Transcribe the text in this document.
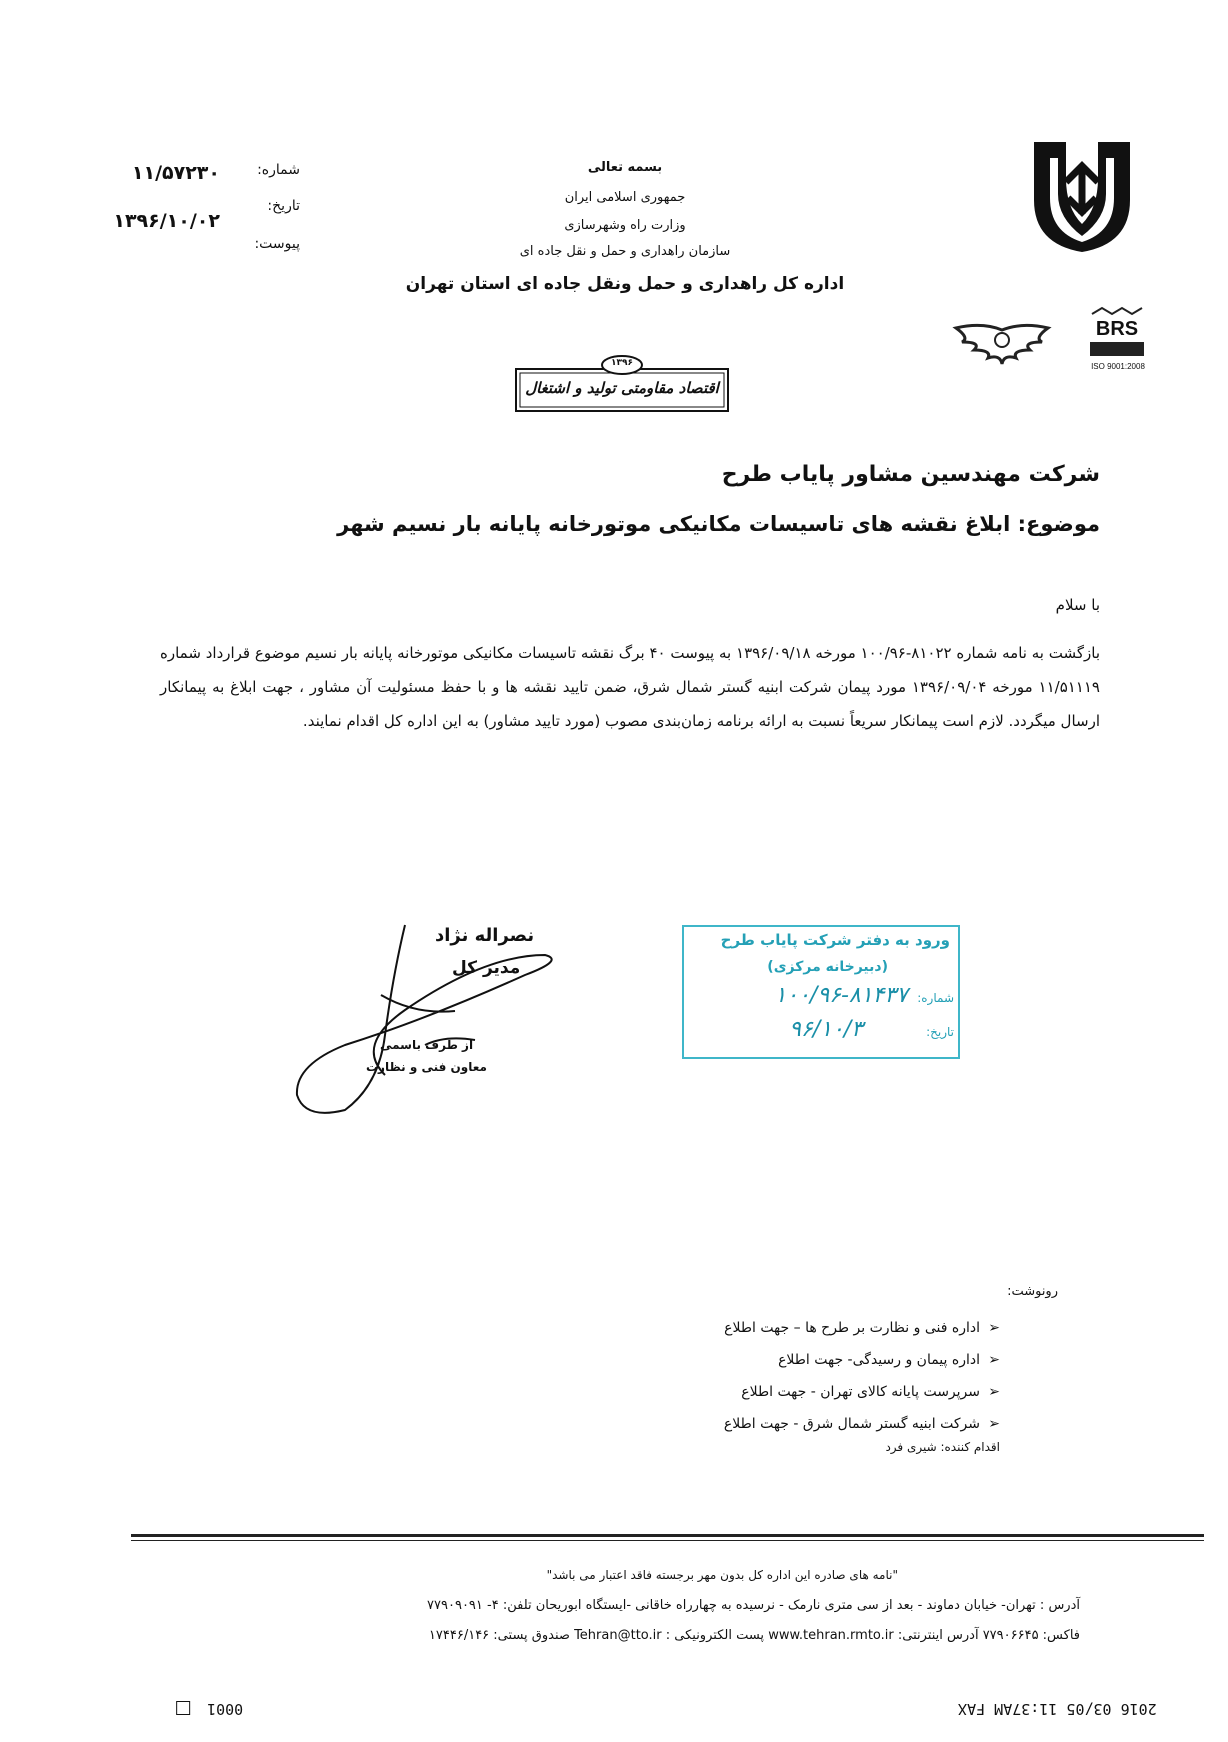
بسمه تعالی
جمهوری اسلامی ایران
وزارت راه وشهرسازی
سازمان راهداری و حمل و نقل جاده ای
اداره کل راهداری و حمل ونقل جاده ای استان تهران
شماره:
۱۱/۵۷۲۳۰
تاریخ:
۱۳۹۶/۱۰/۰۲
پیوست:
۱۳۹۶
اقتصاد مقاومتی تولید و اشتغال
BRS
ISO 9001:2008
شرکت مهندسین مشاور پایاب طرح
موضوع: ابلاغ نقشه های تاسیسات مکانیکی موتورخانه پایانه بار نسیم شهر
با سلام

بازگشت به نامه شماره ۸۱۰۲۲-۱۰۰/۹۶ مورخه ۱۳۹۶/۰۹/۱۸ به پیوست ۴۰ برگ نقشه تاسیسات مکانیکی موتورخانه پایانه بار نسیم موضوع قرارداد شماره ۱۱/۵۱۱۱۹ مورخه ۱۳۹۶/۰۹/۰۴ مورد پیمان شرکت ابنیه گستر شمال شرق، ضمن تایید نقشه ها و با حفظ مسئولیت آن مشاور ، جهت ابلاغ به پیمانکار ارسال میگردد. لازم است پیمانکار سریعاً نسبت به ارائه برنامه زمان‌بندی مصوب (مورد تایید مشاور) به این اداره کل اقدام نمایند.

نصراله نژاد
مدیر کل
از طرف باسمی
معاون فنی و نظارت
ورود به دفتر شرکت پایاب طرح
(دبیرخانه مرکزی)
شماره:
۱۰۰/۹۶-۸۱۴۳۷
تاریخ:
۹۶/۱۰/۳
رونوشت:
➢اداره فنی و نظارت بر طرح ها – جهت اطلاع
➢اداره پیمان و رسیدگی- جهت اطلاع
➢سرپرست پایانه کالای تهران - جهت اطلاع
➢شرکت ابنیه گستر شمال شرق - جهت اطلاع
اقدام کننده: شیری فرد
"نامه های صادره این اداره کل بدون مهر برجسته فاقد اعتبار می باشد"
آدرس : تهران- خیابان دماوند - بعد از سی متری نارمک - نرسیده به چهارراه خاقانی -ایستگاه ابوریحان تلفن: ۴- ۷۷۹۰۹۰۹۱
فاکس: ۷۷۹۰۶۶۴۵ آدرس اینترنتی: www.tehran.rmto.ir پست الکترونیکی : Tehran@tto.ir صندوق پستی: ۱۷۴۴۶/۱۴۶
0001	2016 03/05 11:37AM FAX
